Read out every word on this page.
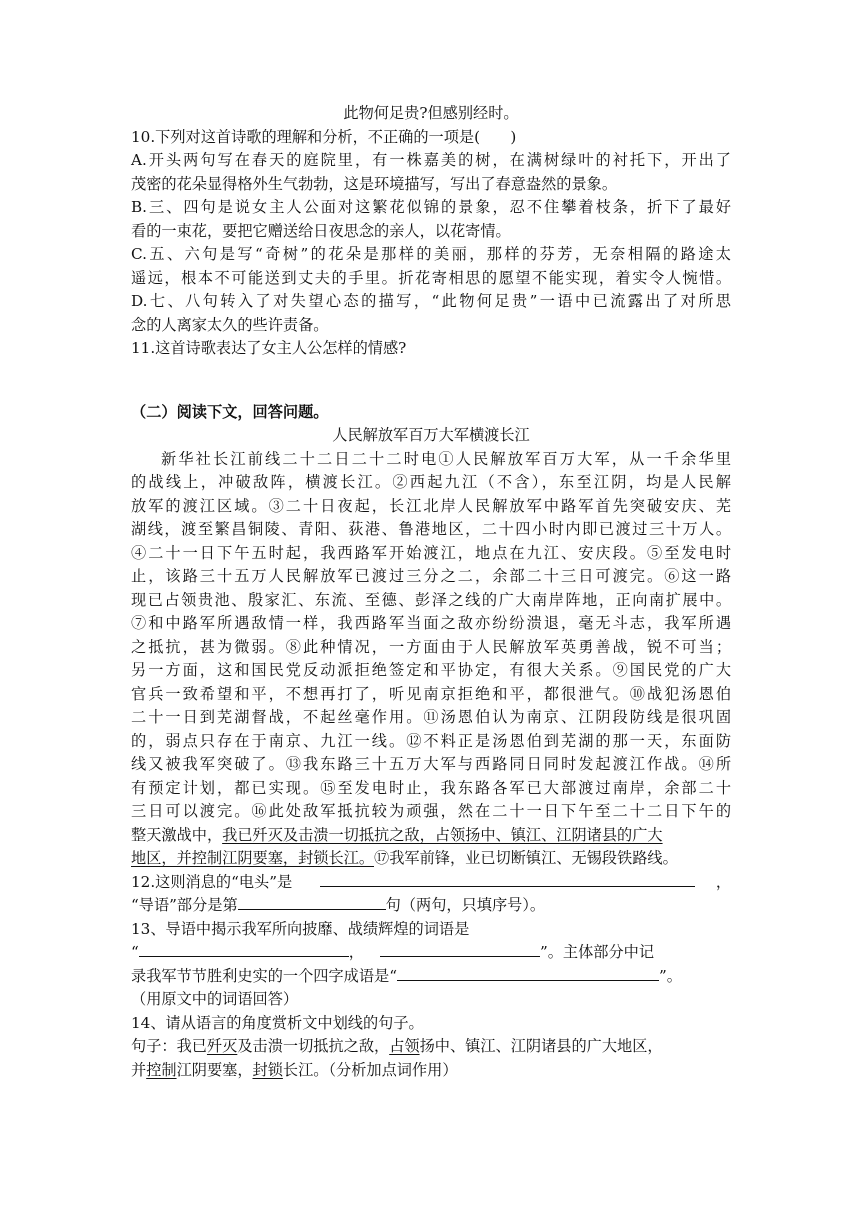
此物何足贵?但感别经时。
10.下列对这首诗歌的理解和分析，不正确的一项是(　　)
A.开头两句写在春天的庭院里，有一株嘉美的树，在满树绿叶的衬托下，开出了
茂密的花朵显得格外生气勃勃，这是环境描写，写出了春意盎然的景象。
B.三、四句是说女主人公面对这繁花似锦的景象，忍不住攀着枝条，折下了最好
看的一束花，要把它赠送给日夜思念的亲人，以花寄情。
C.五、六句是写“奇树”的花朵是那样的美丽，那样的芬芳，无奈相隔的路途太
遥远，根本不可能送到丈夫的手里。折花寄相思的愿望不能实现，着实令人惋惜。
D.七、八句转入了对失望心态的描写，“此物何足贵”一语中已流露出了对所思
念的人离家太久的些许责备。
11.这首诗歌表达了女主人公怎样的情感?
（二）阅读下文，回答问题。
人民解放军百万大军横渡长江
新华社长江前线二十二日二十二时电①人民解放军百万大军，从一千余华里
的战线上，冲破敌阵，横渡长江。②西起九江（不含），东至江阴，均是人民解
放军的渡江区域。③二十日夜起，长江北岸人民解放军中路军首先突破安庆、芜
湖线，渡至繁昌铜陵、青阳、荻港、鲁港地区，二十四小时内即已渡过三十万人。
④二十一日下午五时起，我西路军开始渡江，地点在九江、安庆段。⑤至发电时
止，该路三十五万人民解放军已渡过三分之二，余部二十三日可渡完。⑥这一路
现已占领贵池、殷家汇、东流、至德、彭泽之线的广大南岸阵地，正向南扩展中。
⑦和中路军所遇敌情一样，我西路军当面之敌亦纷纷溃退，毫无斗志，我军所遇
之抵抗，甚为微弱。⑧此种情况，一方面由于人民解放军英勇善战，锐不可当；
另一方面，这和国民党反动派拒绝签定和平协定，有很大关系。⑨国民党的广大
官兵一致希望和平，不想再打了，听见南京拒绝和平，都很泄气。⑩战犯汤恩伯
二十一日到芜湖督战，不起丝毫作用。⑪汤恩伯认为南京、江阴段防线是很巩固
的，弱点只存在于南京、九江一线。⑫不料正是汤恩伯到芜湖的那一天，东面防
线又被我军突破了。⑬我东路三十五万大军与西路同日同时发起渡江作战。⑭所
有预定计划，都已实现。⑮至发电时止，我东路各军已大部渡过南岸，余部二十
三日可以渡完。⑯此处敌军抵抗较为顽强，然在二十一日下午至二十二日下午的
整天激战中，我已歼灭及击溃一切抵抗之敌，占领扬中、镇江、江阴诸县的广大
地区，并控制江阴要塞，封锁长江。⑰我军前锋，业已切断镇江、无锡段铁路线。
12.这则消息的“电头”是	，
“导语”部分是第	句（两句，只填序号）。
13、导语中揭示我军所向披靡、战绩辉煌的词语是
“	，	”。主体部分中记
录我军节节胜利史实的一个四字成语是“	”。
（用原文中的词语回答）
14、请从语言的角度赏析文中划线的句子。
句子：我已歼灭及击溃一切抵抗之敌，占领扬中、镇江、江阴诸县的广大地区，
并控制江阴要塞，封锁长江。（分析加点词作用）
